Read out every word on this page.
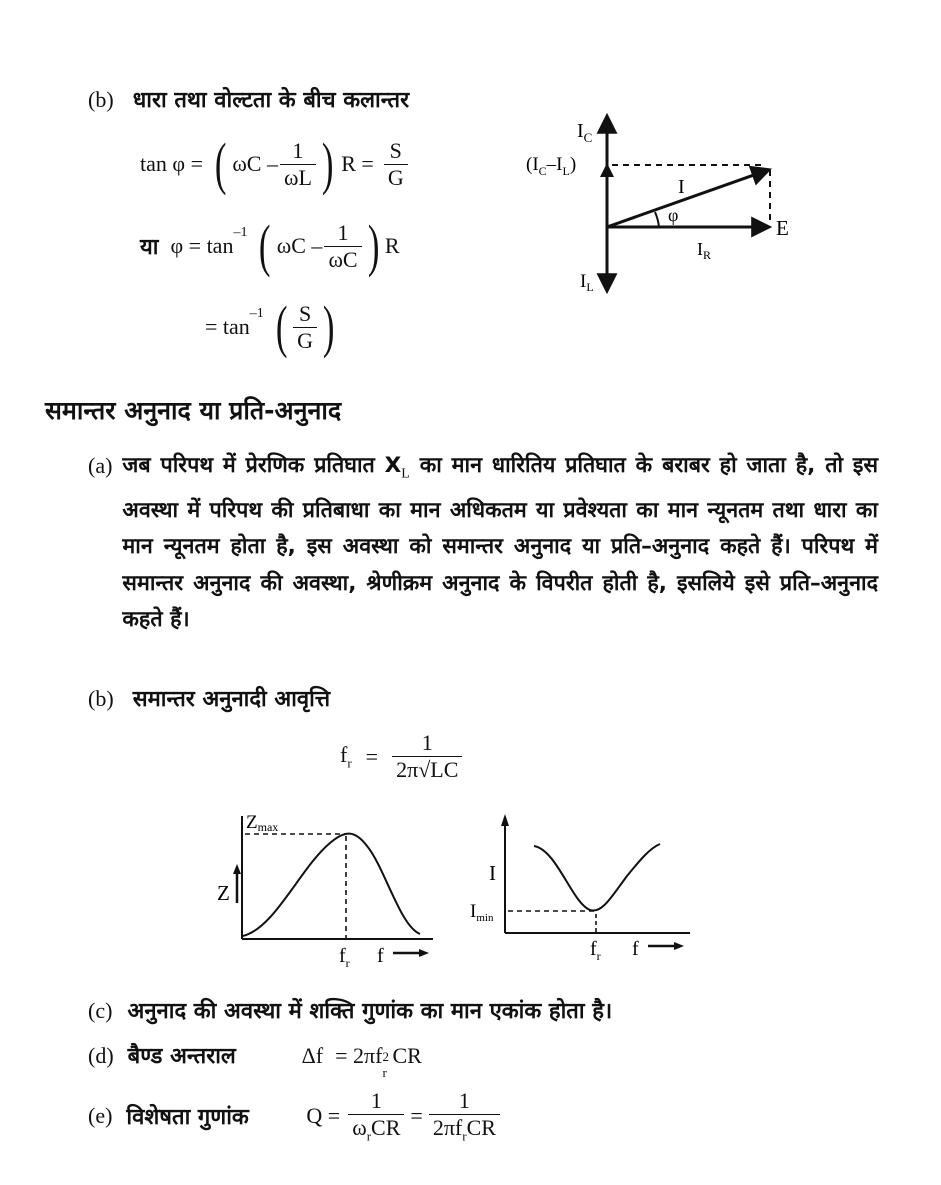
(b) धारा तथा वोल्टता के बीच कलान्तर
tan φ = ( ωC – $\frac{1}{\omega L}$ ) $R = \frac{S}{G}$
या φ = tan
$^{-1}$ ( ωC – $\frac{1}{\omega C}$ ) R
= tan
$^{-1}$ ( $\frac{S}{G}$ )
$I_C$
$(I_C-I_L)$
I
φ
E
$I_R$
$I_L$
समान्तर अनुनाद या प्रति-अनुनाद
(a) जब परिपथ में प्रेरणिक प्रतिघात $X_L$ का मान धारितिय प्रतिघात के बराबर हो जाता है, तो इस अवस्था में परिपथ की प्रतिबाधा का मान अधिकतम या प्रवेश्यता का मान न्यूनतम तथा धारा का मान न्यूनतम होता है, इस अवस्था को समान्तर अनुनाद या प्रति–अनुनाद कहते हैं। परिपथ में समान्तर अनुनाद की अवस्था, श्रेणीक्रम अनुनाद के विपरीत होती है, इसलिये इसे प्रति–अनुनाद कहते हैं।
(b) समान्तर अनुनादी आवृत्ति
$f_r = \frac{1}{2\pi√LC}$
Zmax
Z
$f_r$ f
I
$I_{min}$
$f_r$ f
(c) अनुनाद की अवस्था में शक्ति गुणांक का मान एकांक होता है।
(d) बैण्ड अन्तराल	Δf = 2πf 2
r
CR
(e) विशेषता गुणांक	$Q = \frac{1}{\omega_rCR} = \frac{1}{2\pi f_rCR}$
